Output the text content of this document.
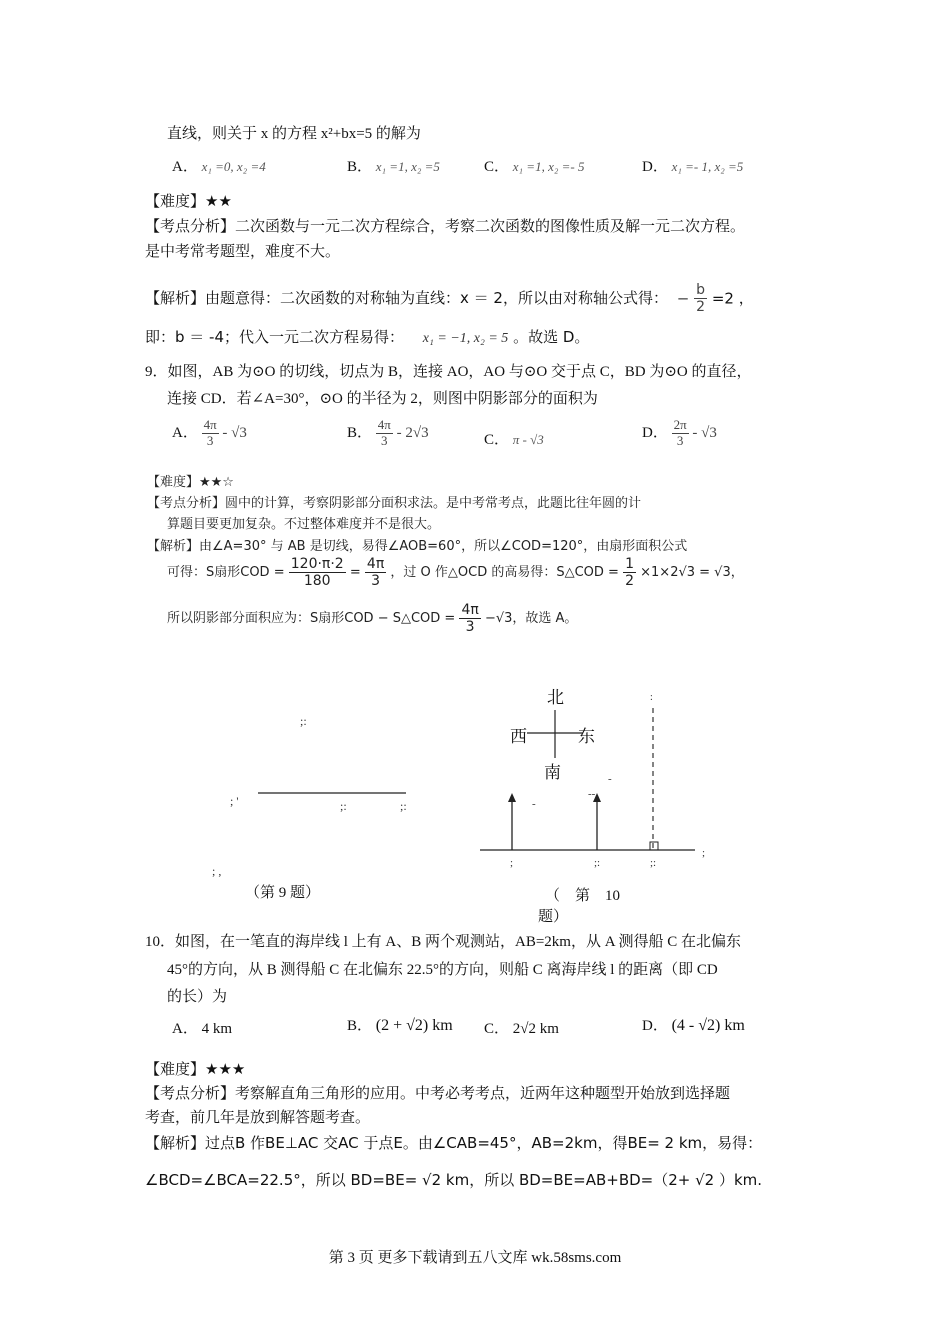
直线，则关于 x 的方程 x²+bx=5 的解为
A． x₁ =0, x₂ =4	B． x₁ =1, x₂ =5	C． x₁ =1, x₂ =- 5	D． x₁ =- 1, x₂ =5
【难度】★★
【考点分析】二次函数与一元二次方程综合，考察二次函数的图像性质及解一元二次方程。
是中考常考题型，难度不大。
【解析】由题意得：二次函数的对称轴为直线：x ＝ 2，所以由对称轴公式得： − $\frac{b}{2} =2$ ，
即：b ＝ -4；代入一元二次方程易得： x₁ = −1, x₂ = 5 。故选 D。
9．如图，AB 为⊙O 的切线，切点为 B，连接 AO，AO 与⊙O 交于点 C，BD 为⊙O 的直径，
连接 CD．若∠A=30°，⊙O 的半径为 2，则图中阴影部分的面积为
A． $\frac{4\pi}{3} - √3$	B． $\frac{4\pi}{3} - 2√3$	C． π - √3	D． $\frac{2\pi}{3} - √3$
【难度】★★☆
【考点分析】圆中的计算，考察阴影部分面积求法。是中考常考点，此题比往年圆的计
算题目要更加复杂。不过整体难度并不是很大。
【解析】由∠A=30° 与 AB 是切线，易得∠AOB=60°，所以∠COD=120°，由扇形面积公式
可得：S扇形COD = $\frac{120\cdot\pi\cdot 2}{180} = \frac{4\pi}{3}$ ，过 O 作△OCD 的高易得：S△COD = $\frac{1}{2} \times 1\times 2√3 = √3$，
所以阴影部分面积应为：S扇形COD − S△COD = $\frac{4\pi}{3} -√3$，故选 A。
;:
; '	;:	;:
; ,
（第 9 题）
北
西	东
南
:
-
--
-
;	;:	;:
;
（　第　10
题）
10．如图，在一笔直的海岸线 l 上有 A、B 两个观测站，AB=2km，从 A 测得船 C 在北偏东
45°的方向，从 B 测得船 C 在北偏东 22.5°的方向，则船 C 离海岸线 l 的距离（即 CD
的长）为
A． 4 km	B． (2 + √2) km C． 2√2 km	D． (4 - √2) km
【难度】★★★
【考点分析】考察解直角三角形的应用。中考必考考点，近两年这种题型开始放到选择题
考查，前几年是放到解答题考查。
【解析】过点B 作BE⊥AC 交AC 于点E。由∠CAB=45°，AB=2km，得BE= 2 km，易得：
∠BCD=∠BCA=22.5°，所以 BD=BE= √2 km，所以 BD=BE=AB+BD=（2+ √2 ）km.
第 3 页 更多下载请到五八文库 wk.58sms.com
